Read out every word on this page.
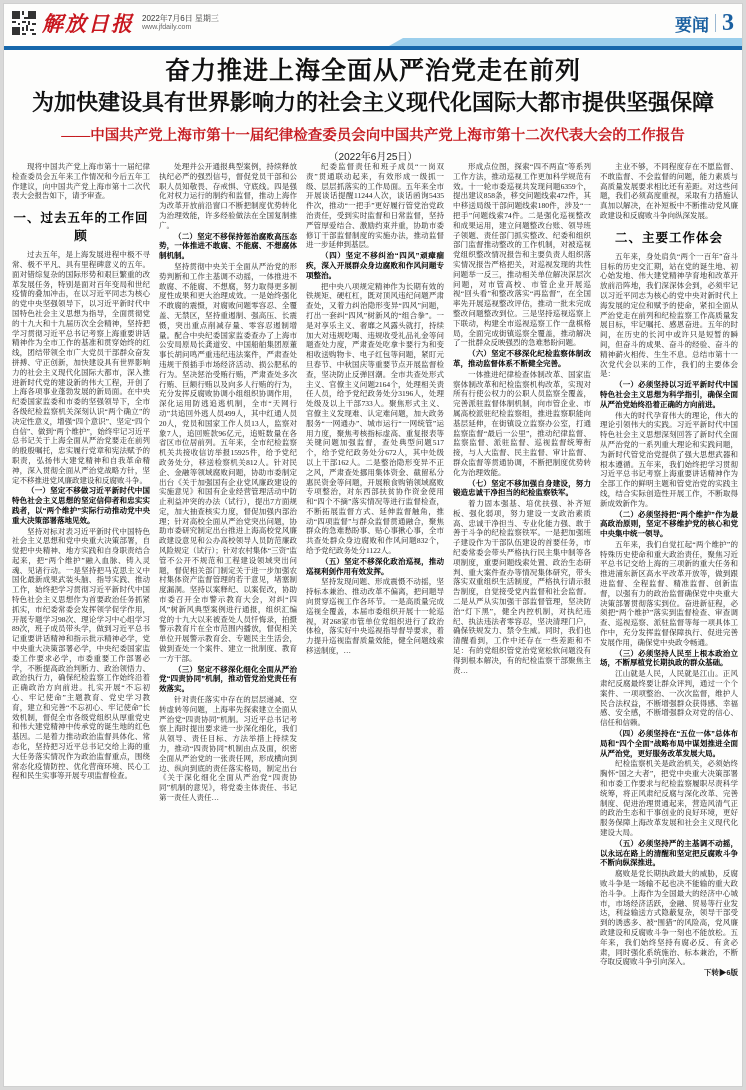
解放日报 2022年7月6日 星期三
www.jfdaily.com	要闻 3
奋力推进上海全面从严治党走在前列
为加快建设具有世界影响力的社会主义现代化国际大都市提供坚强保障
——中国共产党上海市第十一届纪律检查委员会向中国共产党上海市第十二次代表大会的工作报告
（2022年6月25日）
现将中国共产党上海市第十一届纪律检查委员会五年来工作情况和今后五年工作建议，向中国共产党上海市第十二次代表大会报告如下，请予审查。
一、过去五年的工作回顾
过去五年，是上海发展进程中极不寻常、极不平凡、具有里程碑意义的五年。面对错综复杂的国际形势和艰巨繁重的改革发展任务，特别是面对百年变局和世纪疫情的叠加冲击，在以习近平同志为核心的党中央坚强领导下，以习近平新时代中国特色社会主义思想为指导，全面贯彻党的十九大和十九届历次全会精神，坚持把学习贯彻习近平总书记考察上海重要讲话精神作为全市工作的基准和贯穿始终的红线，团结带领全市广大党员干部群众奋发拼搏、守正创新，加快建设具有世界影响力的社会主义现代化国际大都市，深入推进新时代党的建设新的伟大工程，开创了上海各项事业蓬勃发展的新局面。在中央纪委国家监委和市委的坚强领导下，全市各级纪检监察机关深刻认识“两个确立”的决定性意义，增强“四个意识”、坚定“四个自信”、做到“两个维护”，始终牢记习近平总书记关于上海全面从严治党要走在前列的殷殷嘱托，忠实履行党章和宪法赋予的职责，弘扬伟大建党精神和自我革命精神，深入贯彻全面从严治党战略方针，坚定不移推进党风廉政建设和反腐败斗争。
（一）坚定不移做习近平新时代中国特色社会主义思想的坚定信仰者和忠实实践者，以“两个维护”实际行动推动党中央重大决策部署落地见效。
坚持对标对表习近平新时代中国特色社会主义思想和党中央重大决策部署，自觉把中央精神、地方实践和自身职责结合起来，把“两个维护”融入血脉、铸入灵魂、见诸行动。一是坚持把马克思主义中国化最新成果武装头脑、指导实践、推动工作，始终把学习贯彻习近平新时代中国特色社会主义思想作为首要政治任务抓紧抓实，市纪委常委会发挥领学促学作用，开展专题学习98次、理论学习中心组学习89次，班子成员带头学，做到习近平总书记重要讲话精神和指示批示精神必学，党中央重大决策部署必学，中央纪委国家监委工作要求必学，市委重要工作部署必学，不断提高政治判断力、政治领悟力、政治执行力，确保纪检监察工作始终沿着正确政治方向前进。扎实开展“不忘初心、牢记使命”主题教育、党史学习教育，建立和完善“不忘初心、牢记使命”长效机制，督促全市各级党组织从厚重党史和伟大建党精神中传承党的诞生地的红色基因。二是着力推动政治监督具体化、常态化，坚持把习近平总书记交给上海的重大任务落实情况作为政治监督重点，围绕常态化疫情防控、优化营商环境、民心工程和民生实事等开展专项监督检查。
处理并公开通报典型案例，持续释放执纪必严的强烈信号，督促党员干部和公职人员知敬畏、存戒惧、守底线。四是强化对权力运行的制约和监督，推动上海作为改革开放前沿窗口不断把制度优势转化为治理效能，许多经验做法在全国复制推广。
（二）坚定不移保持惩治腐败高压态势，一体推进不敢腐、不能腐、不想腐体制机制。
坚持贯彻中央关于全面从严治党的形势判断和工作主基调不动摇，一体推进不敢腐、不能腐、不想腐，努力取得更多制度性成果和更大治理成效。一是始终强化不敢腐的震慑，对腐败问题零容忍、全覆盖、无禁区，坚持重遏制、强高压、长震慑，突出重点削减存量、零容忍遏制增量。配合中央纪委国家监委查办了上海市公安局原局长龚道安、中国船舶集团原董事长胡问鸣严重违纪违法案件，严肃查处违规干预插手市场经济活动、损公肥私的行为。坚决惩治受贿行贿，严肃查处多次行贿、巨额行贿以及向多人行贿的行为，充分发挥反腐败协调小组组织协调作用，深化运用防逃追逃机制，全市“天网行动”共追回外逃人员499人，其中红通人员20人，党员和国家工作人员13人，监察对象7人，追回赃款96亿元，追赃数量在各省区市位居前列。五年来，全市纪检监察机关共接收信访举报15925件，给予党纪政务处分，移送检察机关812人。针对民企、金融等领域腐败问题，协助市委制定出台《关于加强国有企业党风廉政建设的实施意见》和国有企业经营管理活动中防止利益冲突的办法（试行），提出7方面规定，加大抽查核实力度，督促加强内部治理；针对高校全面从严治党突出问题，协助市委研究制定出台推进上海高校党风廉政建设意见和公办高校领导人员防范廉政风险规定（试行）；针对农村集体“三资”监管不公开不规范和工程建设领域突出问题，督促相关部门制定关于进一步加强农村集体资产监督管理的若干意见，堵塞制度漏洞。坚持以案释纪、以案促改，协助市委召开全市警示教育大会，对纠“四风”树新风典型案例进行通报，组织汇编党的十九大以来被查处人员忏悔录，拍摄警示教育片在全市范围内播放，督促相关单位开展警示教育会、专题民主生活会，做到查处一个案件、建立一批制度、教育一方干部。
（三）坚定不移深化细化全面从严治党“四责协同”机制，推动管党治党责任有效落实。
针对责任落实中存在的层层递减、空转虚转等问题，上海率先探索建立全面从严治党“四责协同”机制。习近平总书记考察上海时提出要求进一步深化细化，我们从领导、责任目标、方法举措上持续发力，推动“四责协同”机制由点及面，织密全面从严治党的一张责任网，形成横向到边、纵向到底的责任落实格局，制定出台《关于深化细化全面从严治党“四责协同”机制的意见》，将党委主体责任、书记第一责任人责任…
纪委监督责任和班子成员“一岗双责”贯通联动起来，有效形成一级抓一级、层层抓落实的工作局面。五年来全市开展谈话提醒11244人次，谈话函询5435件次，推动“一把手”更好履行管党治党政治责任，受到实时监督和日常监督，坚持严管厚爱结合、激励约束并重，协助市委修订干部监督制度的实施办法，推动监督进一步延伸到基层。
（四）坚定不移纠治“四风”顽瘴痼疾，深入开展群众身边腐败和作风问题专项整治。
把中央八项规定精神作为长期有效的铁规矩、硬杠杠，既对顶风违纪问题严肃查处，又着力纠治隐形变异“四风”问题，打出一套纠“四风”树新风的“组合拳”。一是对享乐主义、奢靡之风露头就打，持续加大对违规吃喝、违规收受礼品礼金等问题查处力度，严肃查处吃拿卡要行为和变相收送购物卡、电子红包等问题，紧盯元旦春节、中秋国庆等重要节点开展监督检查，坚决防止反弹回潮。全市共查处形式主义、官僚主义问题2164个，处理相关责任人员，给予党纪政务处分3196人，处理处级及以上干部733人。聚焦形式主义、官僚主义发现难、认定难问题，加大政务服务“一网通办”、城市运行“一网统管”运用力度，聚焦考核指标虚高、重复报表等关键问题加强监督，查处典型问题517个，给予党纪政务处分672人，其中处级以上干部162人。二是整治隐形变异不正之风，严肃查处挪用集体资金、截留私分惠民资金等问题，开展粮食购销领域腐败专项整治，对东西部扶贫协作资金使用和“四个不摘”落实情况等进行监督检查，不断拓展监督方式、延伸监督触角，推动“四项监督”与群众监督贯通融合，聚焦群众的急难愁盼事、贴心事揪心事，全市共查处群众身边腐败和作风问题832个，给予党纪政务处分1122人。
（五）坚定不移深化政治巡视，推动巡视利剑作用有效发挥。
坚持发现问题、形成震慑不动摇，坚持标本兼治、推动改革不偏离，把问题导向贯穿巡视工作各环节。一是高质量完成巡视全覆盖，本届市委组织开展十一轮巡视，对268家市管单位党组织进行了政治体检，落实好中央巡视指导督导要求，着力提升巡视监督质量效能，健全问题线索移送制度，…
形成点位图，探索“四不两直”等系列工作方法，推动巡视工作更加科学规范有效。十一轮市委巡视共发现问题6359个，提出建议858条，移交问题线索472件，其中移送局级干部问题线索180件，涉及“一把手”问题线索74件。二是强化巡视整改和成果运用，建立问题整改台账、领导班子领题、责任部门抓实整改、纪委和组织部门监督推动整改的工作机制，对被巡视党组织整改情况报告和主要负责人组织落实情况报告严格把关，对巡视发现的共性问题举一反三，推动相关单位解决深层次问题，对市管高校、市管企业开展巡视“回头看”和整改落实“再监督”，在全国率先开展巡视整改评估，推动一批未完成整改问题整改到位。三是坚持巡视巡察上下联动，构建全市巡视巡察工作一盘棋格局，全面完成街镇巡察全覆盖，推动解决了一批群众反映强烈的急难愁盼问题。
（六）坚定不移深化纪检监察体制改革，推动监督体系不断健全完善。
一体推进纪律检查体制改革、国家监察体制改革和纪检监察机构改革，实现对所有行使公权力的公职人员监察全覆盖，完善派驻监督体制机制，向市管企业、市属高校派驻纪检监察组，推进监察职能向基层延伸，在街镇设立监察办公室，打通监察监督“最后一公里”，推动纪律监督、监察监督、派驻监督、巡视监督统筹衔接，与人大监督、民主监督、审计监督、群众监督等贯通协调，不断把制度优势转化为治理效能。
（七）坚定不移加强自身建设，努力锻造忠诚干净担当的纪检监察铁军。
着力固本强基、培优扶强、补齐短板、强化弱项，努力建设一支政治素质高、忠诚干净担当、专业化能力强、敢于善于斗争的纪检监察铁军。一是把加强班子建设作为干部队伍建设的首要任务，市纪委常委会带头严格执行民主集中制等各项制度，重要问题线索处置、政治生态研判、重大案件查办等情况集体研究，带头落实双重组织生活制度，严格执行请示报告制度，自觉接受党内监督和社会监督。二是从严从实加强干部监督管理，坚决防治“灯下黑”，健全内控机制，对执纪违纪、执法违法者零容忍，坚决清理门户，确保铁规发力、禁令生威。同时，我们也清醒看到，工作中还存在一些差距和不足：有的党组织管党治党宽松软问题没有得到根本解决，有的纪检监察干部聚焦主责…
主业不够，不同程度存在不愿监督、不敢监督、不会监督的问题，能力素质与高质量发展要求相比还有差距。对这些问题，我们必须高度重视，采取有力措施认真加以解决，在补短板中不断推动党风廉政建设和反腐败斗争向纵深发展。
二、主要工作体会
五年来，身处肩负“两个一百年”奋斗目标的历史交汇期，站在党的诞生地、初心始发地、伟大建党精神孕育地和改革开放前沿阵地，我们深深体会到，必须牢记以习近平同志为核心的党中央对新时代上海发展的定位和赋予的使命，紧扣全面从严治党走在前列和纪检监察工作高质量发展目标，牢记嘱托、感恩奋进。五年的时间，在历史的长河中或许只是短暂的瞬间，但奋斗的成果、奋斗的经验、奋斗的精神薪火相传、生生不息。总结市第十一次党代会以来的工作，我们的主要体会是：
（一）必须坚持以习近平新时代中国特色社会主义思想为科学指引，确保全面从严治党始终沿着正确的方向前进。
伟大的时代孕育伟大的理论，伟大的理论引领伟大的实践。习近平新时代中国特色社会主义思想深刻回答了新时代全面从严治党的一系列重大理论和实践问题，为新时代管党治党提供了强大思想武器和根本遵循。五年来，我们始终把学习贯彻习近平总书记考察上海重要讲话精神作为全部工作的鲜明主题和管党治党的实践主线，结合实际创造性开展工作，不断取得新成效新作为。
（二）必须坚持把“两个维护”作为最高政治原则，坚定不移维护党的核心和党中央集中统一领导。
五年来，我们自觉扛起“两个维护”的特殊历史使命和重大政治责任，聚焦习近平总书记交给上海的三项新的重大任务和推进浦东新区高水平改革开放等，做到跟进监督、全程监督、精准监督、创新监督，以强有力的政治监督确保党中央重大决策部署贯彻落实到位。奋进新征程，必须把“两个维护”落实到监督检查、审查调查、巡视巡察、派驻监督等每一项具体工作中，充分发挥监督保障执行、促进完善发展作用，确保党中央政令畅通。
（三）必须坚持人民至上根本政治立场，不断厚植党长期执政的群众基础。
江山就是人民，人民就是江山。正风肃纪反腐最终要让群众评判，通过一个个案件、一项项整治、一次次监督，维护人民合法权益，不断增强群众获得感、幸福感、安全感，不断增强群众对党的信心、信任和信赖。
（四）必须坚持在“五位一体”总体布局和“四个全面”战略布局中谋划推进全面从严治党，更好服务改革发展大局。
纪检监察机关是政治机关，必须始终胸怀“国之大者”，把党中央重大决策部署和市委工作要求与纪检监察履职尽责科学统筹，将正风肃纪反腐与深化改革、完善制度、促进治理贯通起来，营造风清气正的政治生态和干事创业的良好环境，更好服务保障上海改革发展和社会主义现代化建设大局。
（五）必须坚持严的主基调不动摇，以永远在路上的清醒和坚定把反腐败斗争不断向纵深推进。
腐败是党长期执政最大的威胁，反腐败斗争是一场输不起也决不能输的重大政治斗争。上海作为全国最大的经济中心城市，市场经济活跃，金融、贸易等行业发达，利益输送方式隐蔽复杂，领导干部受到的诱惑多、被“围猎”的风险高，党风廉政建设和反腐败斗争一刻也不能放松。五年来，我们始终坚持有腐必反、有贪必肃，同时强化系统施治、标本兼治，不断夺取反腐败斗争引向深入。
下转▶6版
